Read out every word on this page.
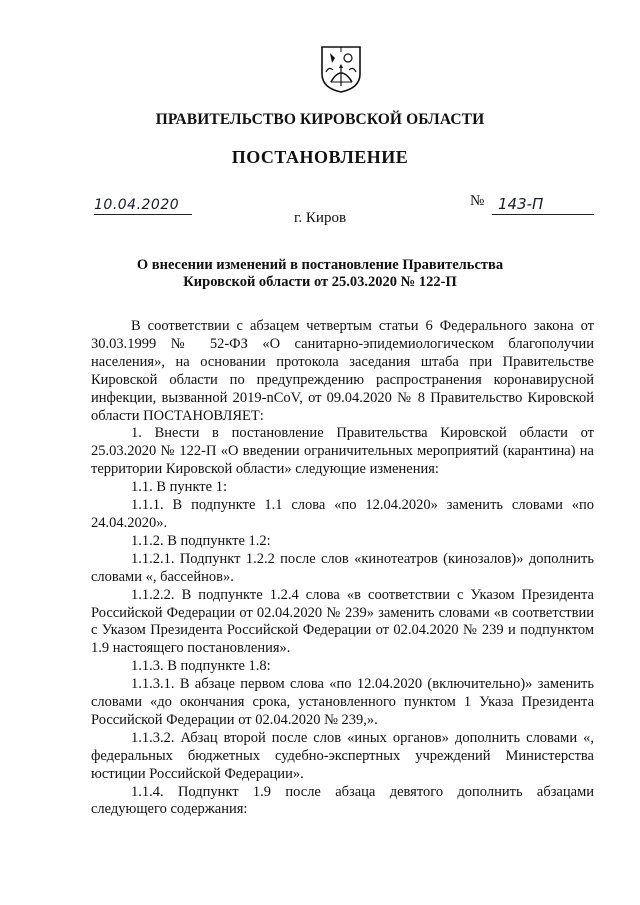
ПРАВИТЕЛЬСТВО КИРОВСКОЙ ОБЛАСТИ
ПОСТАНОВЛЕНИЕ
10.04.2020	№ 143-П
г. Киров
О внесении изменений в постановление Правительства
Кировской области от 25.03.2020 № 122-П

В соответствии с абзацем четвертым статьи 6 Федерального закона от 30.03.1999 № 52-ФЗ «О санитарно-эпидемиологическом благополучии населения», на основании протокола заседания штаба при Правительстве Кировской области по предупреждению распространения коронавирусной инфекции, вызванной 2019-nCoV, от 09.04.2020 № 8 Правительство Кировской области ПОСТАНОВЛЯЕТ:

1. Внести в постановление Правительства Кировской области от 25.03.2020 № 122-П «О введении ограничительных мероприятий (карантина) на территории Кировской области» следующие изменения:

1.1. В пункте 1:

1.1.1. В подпункте 1.1 слова «по 12.04.2020» заменить словами «по 24.04.2020».

1.1.2. В подпункте 1.2:

1.1.2.1. Подпункт 1.2.2 после слов «кинотеатров (кинозалов)» дополнить словами «, бассейнов».

1.1.2.2. В подпункте 1.2.4 слова «в соответствии с Указом Президента Российской Федерации от 02.04.2020 № 239» заменить словами «в соответствии с Указом Президента Российской Федерации от 02.04.2020 № 239 и подпунктом 1.9 настоящего постановления».

1.1.3. В подпункте 1.8:

1.1.3.1. В абзаце первом слова «по 12.04.2020 (включительно)» заменить словами «до окончания срока, установленного пунктом 1 Указа Президента Российской Федерации от 02.04.2020 № 239,».

1.1.3.2. Абзац второй после слов «иных органов» дополнить словами «, федеральных бюджетных судебно-экспертных учреждений Министерства юстиции Российской Федерации».

1.1.4. Подпункт 1.9 после абзаца девятого дополнить абзацами следующего содержания:
